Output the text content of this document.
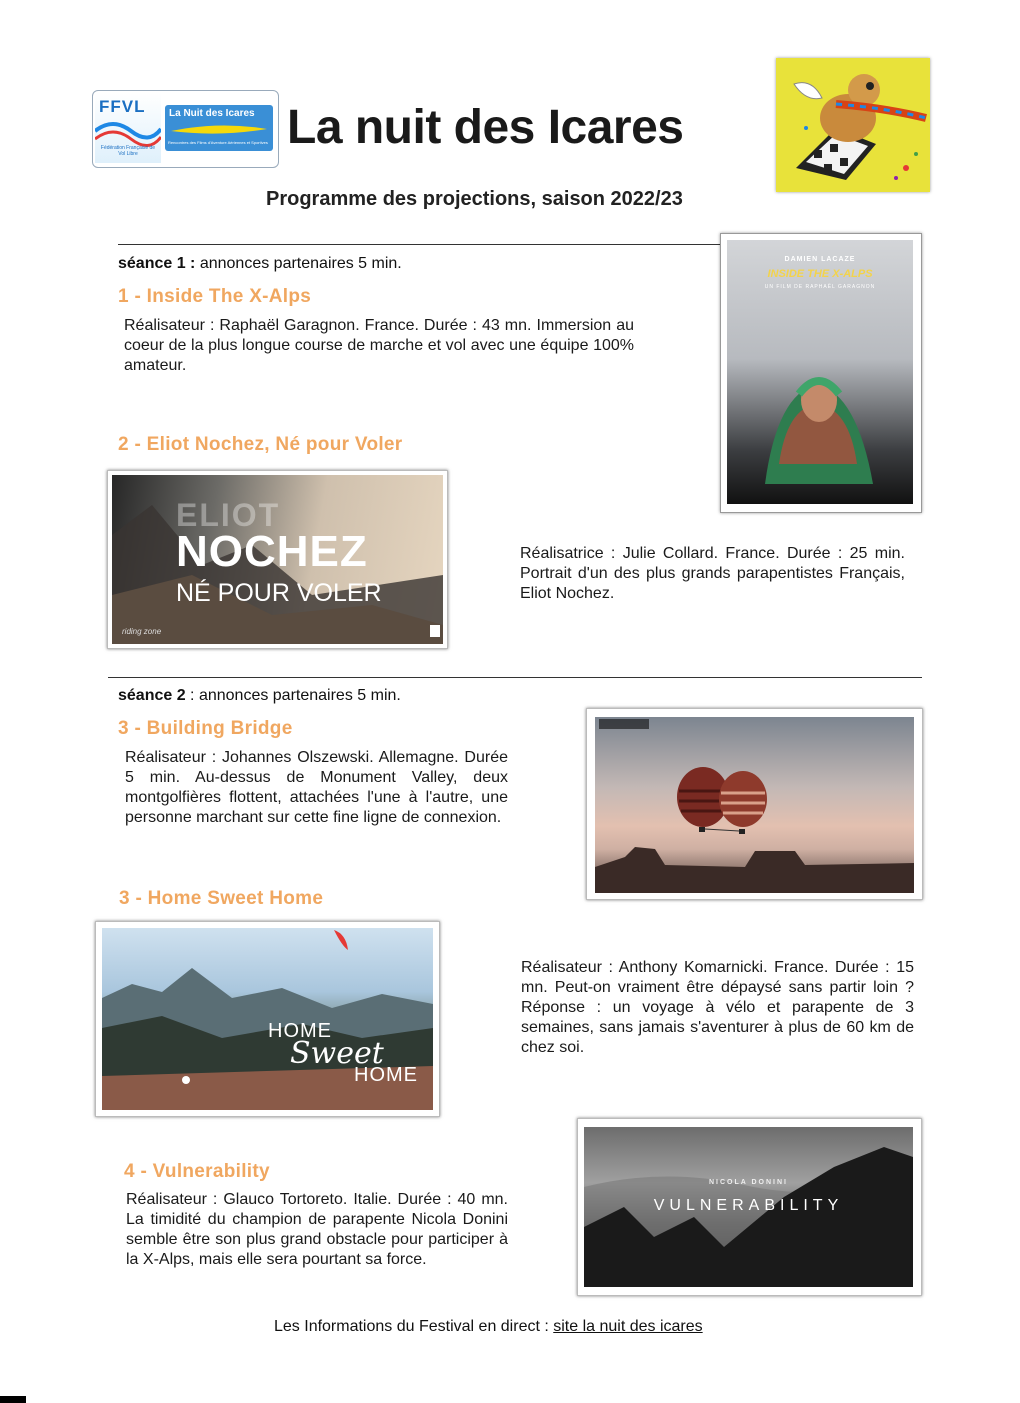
FFVL
Fédération Française de Vol Libre
La Nuit des Icares
Rencontres des Films d'Aventure Aériennes et Sportives La nuit des Icares
Programme des projections, saison 2022/23
séance 1 : annonces partenaires 5 min.
1 - Inside The X-Alps
Réalisateur : Raphaël Garagnon. France. Durée : 43 mn. Immersion au coeur de la plus longue course de marche et vol avec une équipe 100% amateur.
DAMIEN LACAZE
INSIDE THE X-ALPS
UN FILM DE RAPHAËL GARAGNON
2 - Eliot Nochez, Né pour Voler
ELIOT
NOCHEZ
NÉ POUR VOLER
riding zone
Réalisatrice : Julie Collard. France. Durée : 25 min. Portrait d'un des plus grands parapentistes Français, Eliot Nochez.
séance 2 : annonces partenaires 5 min.
3 - Building Bridge
Réalisateur : Johannes Olszewski. Allemagne. Durée 5 min. Au-dessus de Monument Valley, deux montgolfières flottent, attachées l'une à l'autre, une personne marchant sur cette fine ligne de connexion.
3 - Home Sweet Home
HOME
Sweet
HOME
Réalisateur : Anthony Komarnicki. France. Durée : 15 mn. Peut-on vraiment être dépaysé sans partir loin ? Réponse : un voyage à vélo et parapente de 3 semaines, sans jamais s'aventurer à plus de 60 km de chez soi.
4 - Vulnerability
Réalisateur : Glauco Tortoreto. Italie. Durée : 40 mn. La timidité du champion de parapente Nicola Donini semble être son plus grand obstacle pour participer à la X-Alps, mais elle sera pourtant sa force.
NICOLA DONINI
VULNERABILITY
Les Informations du Festival en direct : site la nuit des icares
